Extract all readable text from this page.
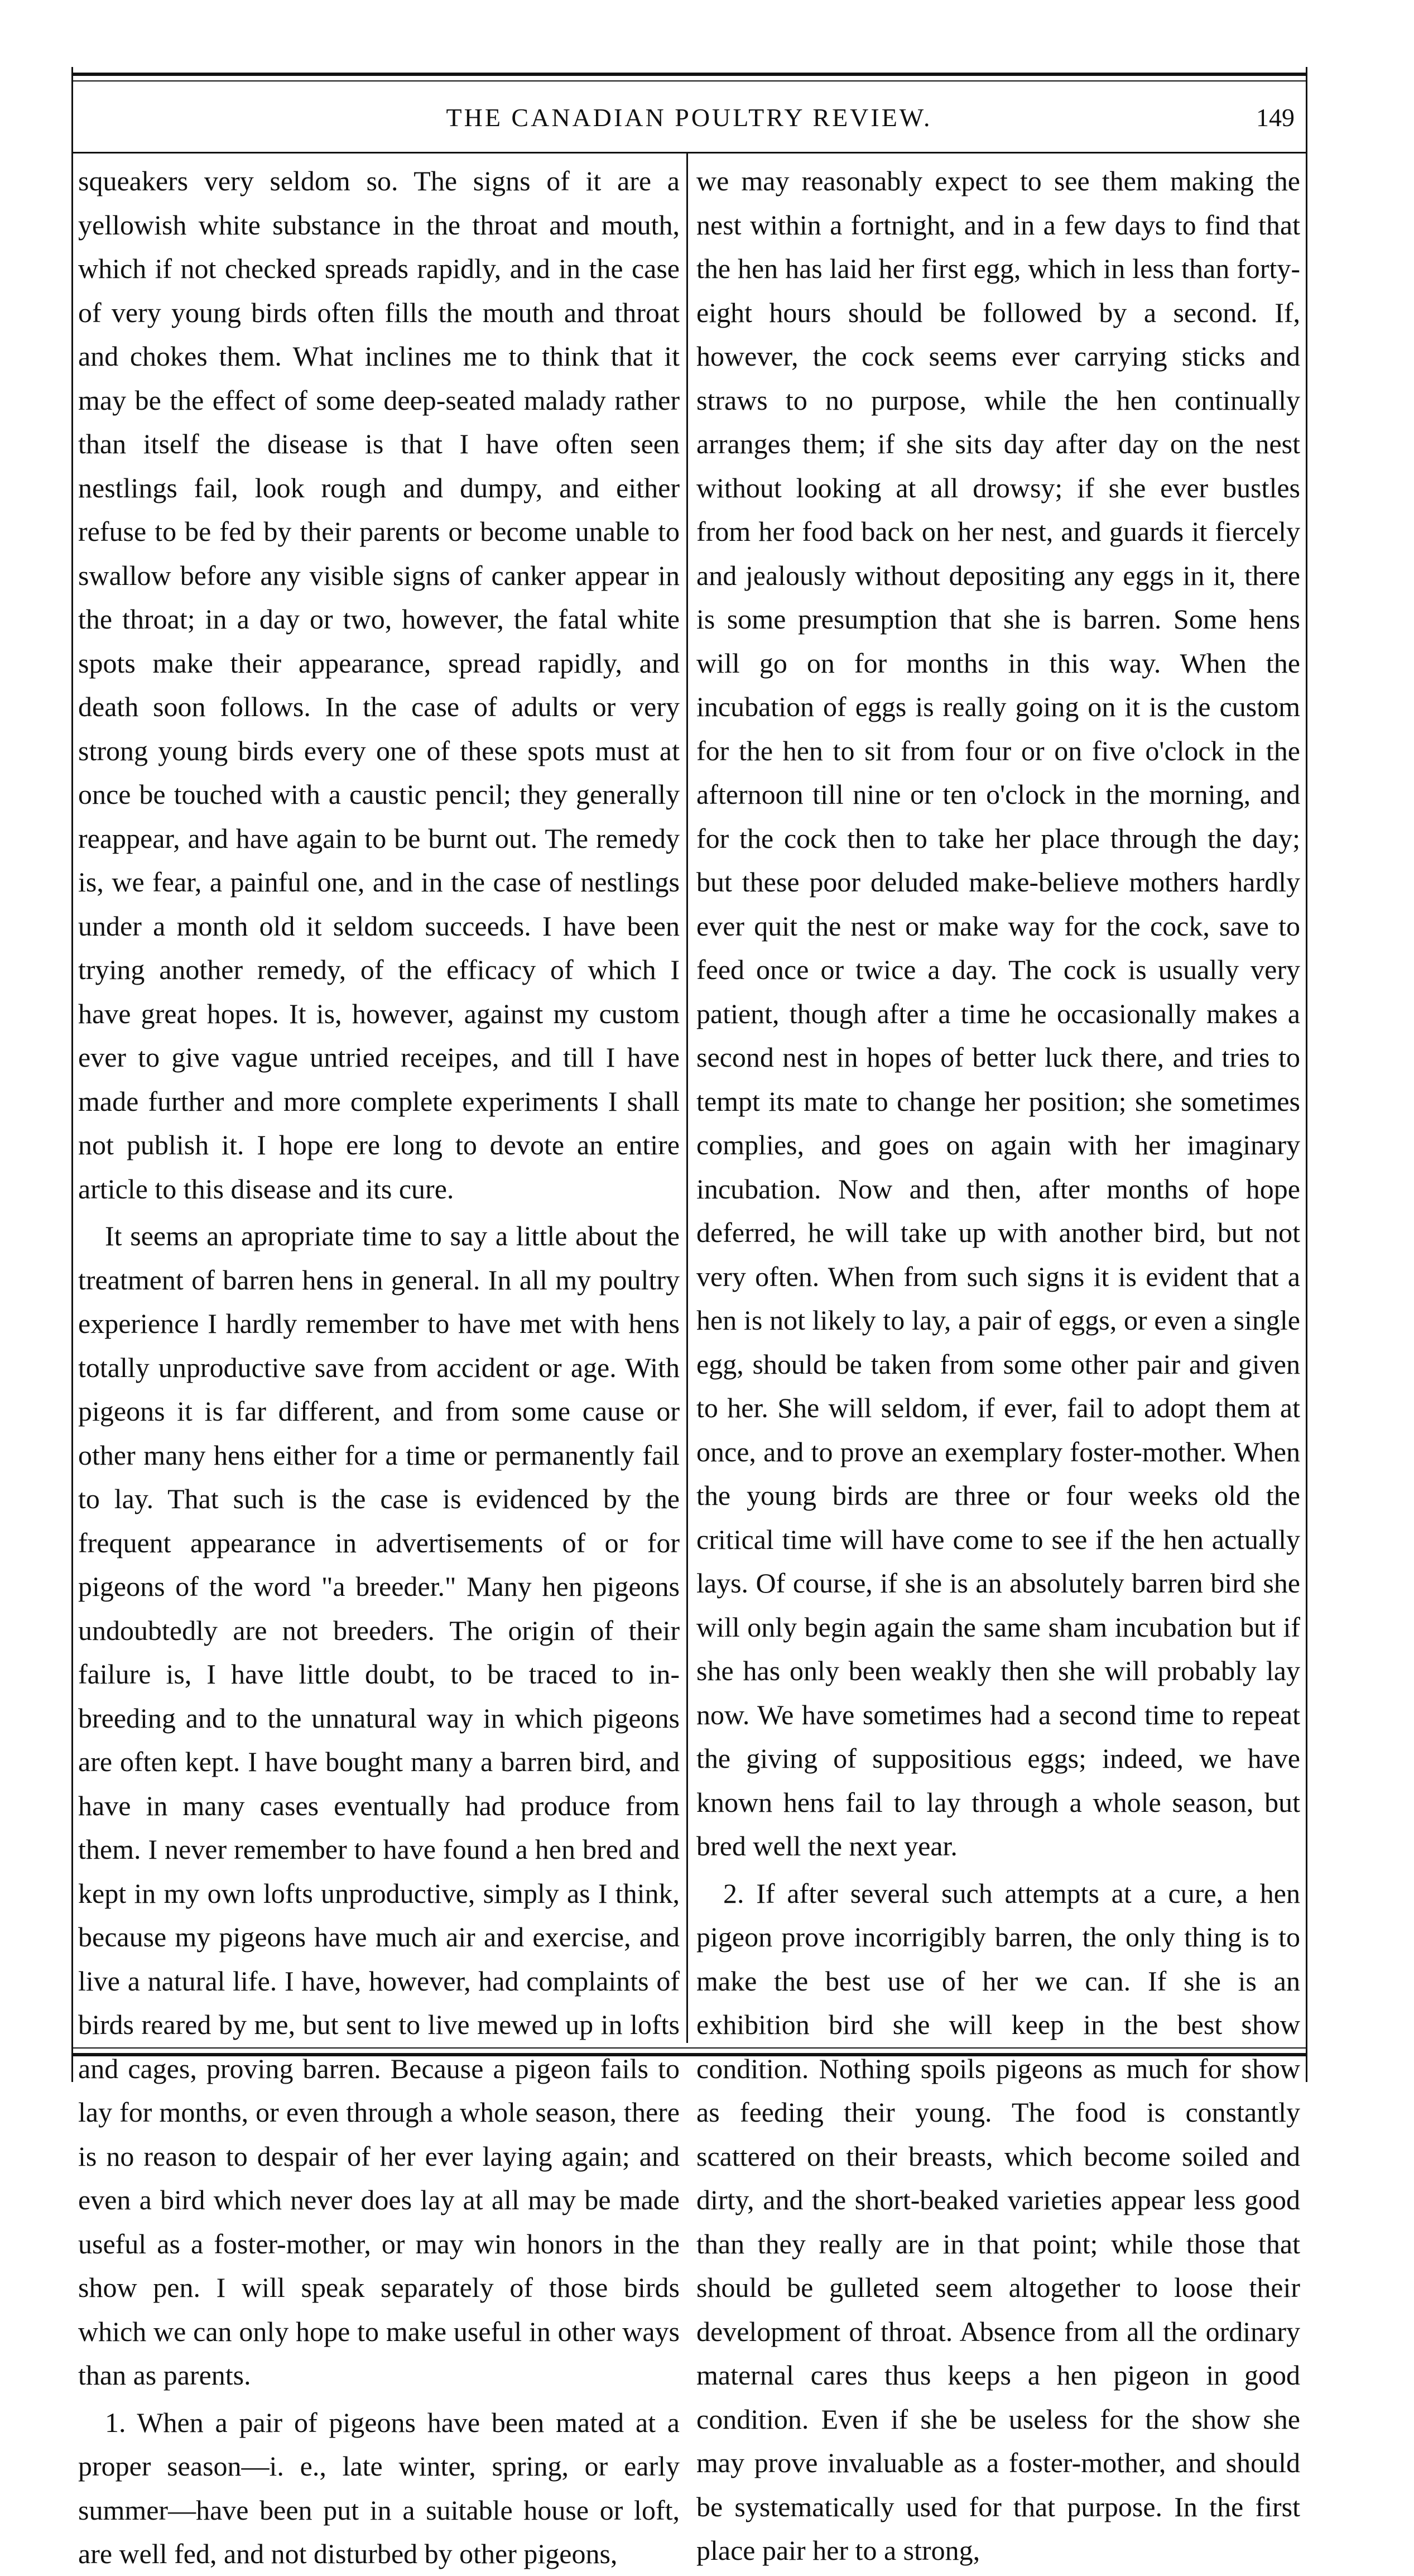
THE CANADIAN POULTRY REVIEW.	149

squeakers very seldom so. The signs of it are a yellowish white substance in the throat and mouth, which if not checked spreads rapidly, and in the case of very young birds often fills the mouth and throat and chokes them. What inclines me to think that it may be the effect of some deep-seated malady rather than itself the disease is that I have often seen nestlings fail, look rough and dumpy, and either refuse to be fed by their parents or become unable to swallow before any visible signs of canker appear in the throat; in a day or two, however, the fatal white spots make their appearance, spread rapidly, and death soon follows. In the case of adults or very strong young birds every one of these spots must at once be touched with a caustic pencil; they generally reappear, and have again to be burnt out. The remedy is, we fear, a painful one, and in the case of nestlings under a month old it seldom succeeds. I have been trying another remedy, of the efficacy of which I have great hopes. It is, however, against my custom ever to give vague untried receipes, and till I have made further and more complete experiments I shall not publish it. I hope ere long to devote an entire article to this disease and its cure.

It seems an apropriate time to say a little about the treatment of barren hens in general. In all my poultry experience I hardly remember to have met with hens totally unproductive save from accident or age. With pigeons it is far different, and from some cause or other many hens either for a time or permanently fail to lay. That such is the case is evidenced by the frequent appearance in advertisements of or for pigeons of the word "a breeder." Many hen pigeons undoubtedly are not breeders. The origin of their failure is, I have little doubt, to be traced to in-breeding and to the unnatural way in which pigeons are often kept. I have bought many a barren bird, and have in many cases eventually had produce from them. I never remember to have found a hen bred and kept in my own lofts unproductive, simply as I think, because my pigeons have much air and exercise, and live a natural life. I have, however, had complaints of birds reared by me, but sent to live mewed up in lofts and cages, proving barren. Because a pigeon fails to lay for months, or even through a whole season, there is no reason to despair of her ever laying again; and even a bird which never does lay at all may be made useful as a foster-mother, or may win honors in the show pen. I will speak separately of those birds which we can only hope to make useful in other ways than as parents.

1. When a pair of pigeons have been mated at a proper season—i. e., late winter, spring, or early summer—have been put in a suitable house or loft, are well fed, and not disturbed by other pigeons,

we may reasonably expect to see them making the nest within a fortnight, and in a few days to find that the hen has laid her first egg, which in less than forty-eight hours should be followed by a second. If, however, the cock seems ever carrying sticks and straws to no purpose, while the hen continually arranges them; if she sits day after day on the nest without looking at all drowsy; if she ever bustles from her food back on her nest, and guards it fiercely and jealously without depositing any eggs in it, there is some presumption that she is barren. Some hens will go on for months in this way. When the incubation of eggs is really going on it is the custom for the hen to sit from four or on five o'clock in the afternoon till nine or ten o'clock in the morning, and for the cock then to take her place through the day; but these poor deluded make-believe mothers hardly ever quit the nest or make way for the cock, save to feed once or twice a day. The cock is usually very patient, though after a time he occasionally makes a second nest in hopes of better luck there, and tries to tempt its mate to change her position; she sometimes complies, and goes on again with her imaginary incubation. Now and then, after months of hope deferred, he will take up with another bird, but not very often. When from such signs it is evident that a hen is not likely to lay, a pair of eggs, or even a single egg, should be taken from some other pair and given to her. She will seldom, if ever, fail to adopt them at once, and to prove an exemplary foster-mother. When the young birds are three or four weeks old the critical time will have come to see if the hen actually lays. Of course, if she is an absolutely barren bird she will only begin again the same sham incubation but if she has only been weakly then she will probably lay now. We have sometimes had a second time to repeat the giving of suppositious eggs; indeed, we have known hens fail to lay through a whole season, but bred well the next year.

2. If after several such attempts at a cure, a hen pigeon prove incorrigibly barren, the only thing is to make the best use of her we can. If she is an exhibition bird she will keep in the best show condition. Nothing spoils pigeons as much for show as feeding their young. The food is constantly scattered on their breasts, which become soiled and dirty, and the short-beaked varieties appear less good than they really are in that point; while those that should be gulleted seem altogether to loose their development of throat. Absence from all the ordinary maternal cares thus keeps a hen pigeon in good condition. Even if she be useless for the show she may prove invaluable as a foster-mother, and should be systematically used for that purpose. In the first place pair her to a strong,
